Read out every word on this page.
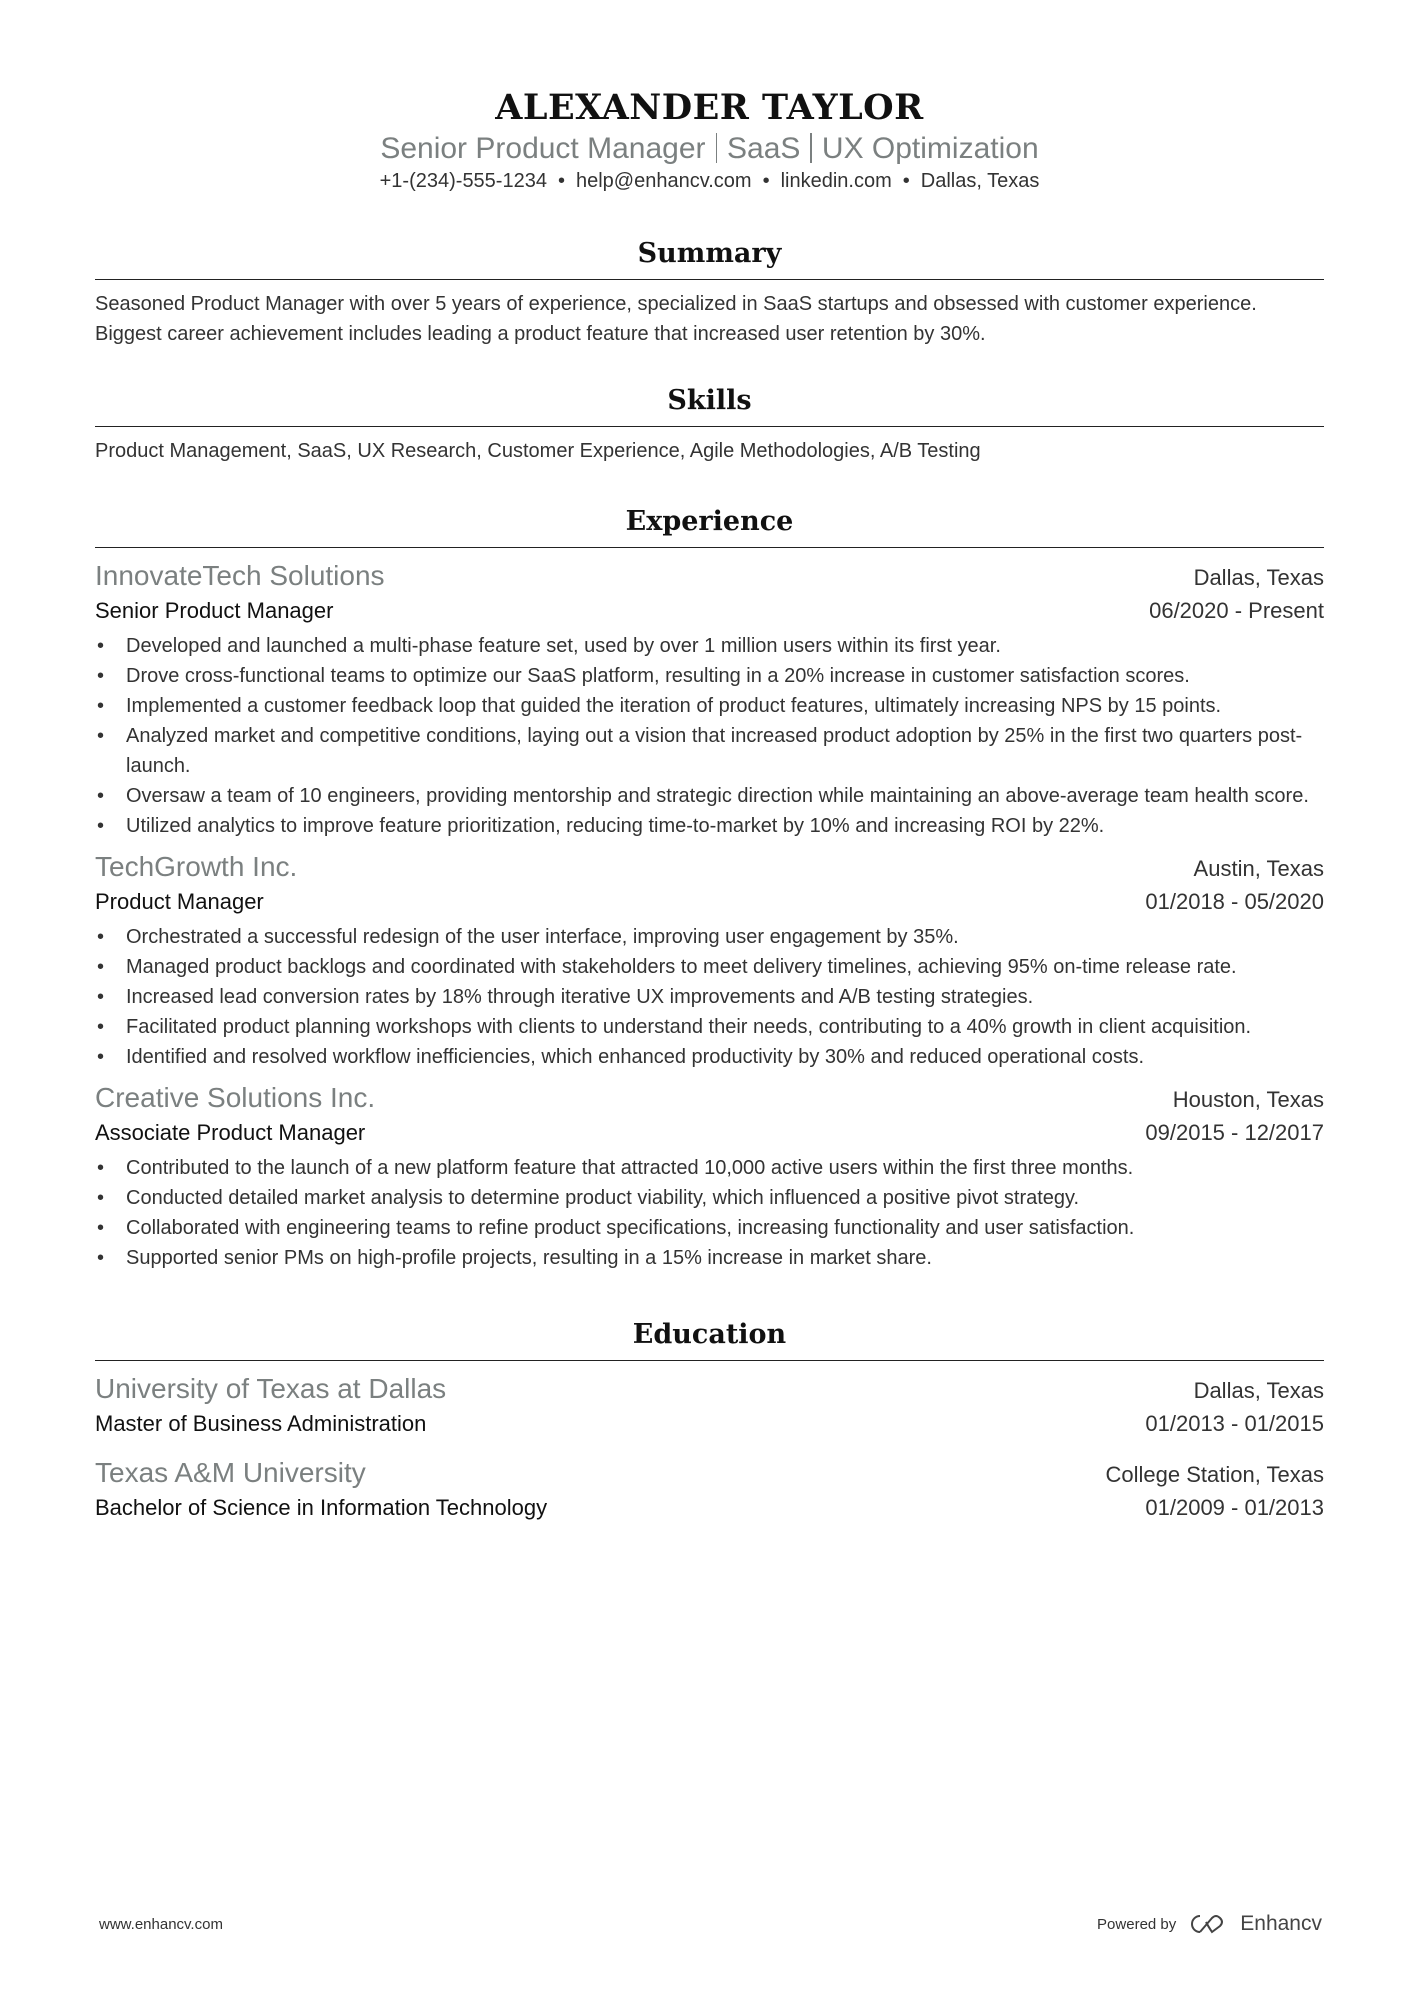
ALEXANDER TAYLOR
Senior Product Manager SaaS UX Optimization
+1-(234)-555-1234 • help@enhancv.com • linkedin.com • Dallas, Texas
Summary
Seasoned Product Manager with over 5 years of experience, specialized in SaaS startups and obsessed with customer experience. Biggest career achievement includes leading a product feature that increased user retention by 30%.
Skills
Product Management, SaaS, UX Research, Customer Experience, Agile Methodologies, A/B Testing
Experience
InnovateTech Solutions	Dallas, Texas
Senior Product Manager	06/2020 - Present
• Developed and launched a multi-phase feature set, used by over 1 million users within its first year.
• Drove cross-functional teams to optimize our SaaS platform, resulting in a 20% increase in customer satisfaction scores.
• Implemented a customer feedback loop that guided the iteration of product features, ultimately increasing NPS by 15 points.
• Analyzed market and competitive conditions, laying out a vision that increased product adoption by 25% in the first two quarters post-launch.
• Oversaw a team of 10 engineers, providing mentorship and strategic direction while maintaining an above-average team health score.
• Utilized analytics to improve feature prioritization, reducing time-to-market by 10% and increasing ROI by 22%.
TechGrowth Inc.	Austin, Texas
Product Manager	01/2018 - 05/2020
• Orchestrated a successful redesign of the user interface, improving user engagement by 35%.
• Managed product backlogs and coordinated with stakeholders to meet delivery timelines, achieving 95% on-time release rate.
• Increased lead conversion rates by 18% through iterative UX improvements and A/B testing strategies.
• Facilitated product planning workshops with clients to understand their needs, contributing to a 40% growth in client acquisition.
• Identified and resolved workflow inefficiencies, which enhanced productivity by 30% and reduced operational costs.
Creative Solutions Inc.	Houston, Texas
Associate Product Manager	09/2015 - 12/2017
• Contributed to the launch of a new platform feature that attracted 10,000 active users within the first three months.
• Conducted detailed market analysis to determine product viability, which influenced a positive pivot strategy.
• Collaborated with engineering teams to refine product specifications, increasing functionality and user satisfaction.
• Supported senior PMs on high-profile projects, resulting in a 15% increase in market share.
Education
University of Texas at Dallas	Dallas, Texas
Master of Business Administration	01/2013 - 01/2015
Texas A&M University	College Station, Texas
Bachelor of Science in Information Technology	01/2009 - 01/2013
www.enhancv.com	Powered by	Enhancv
